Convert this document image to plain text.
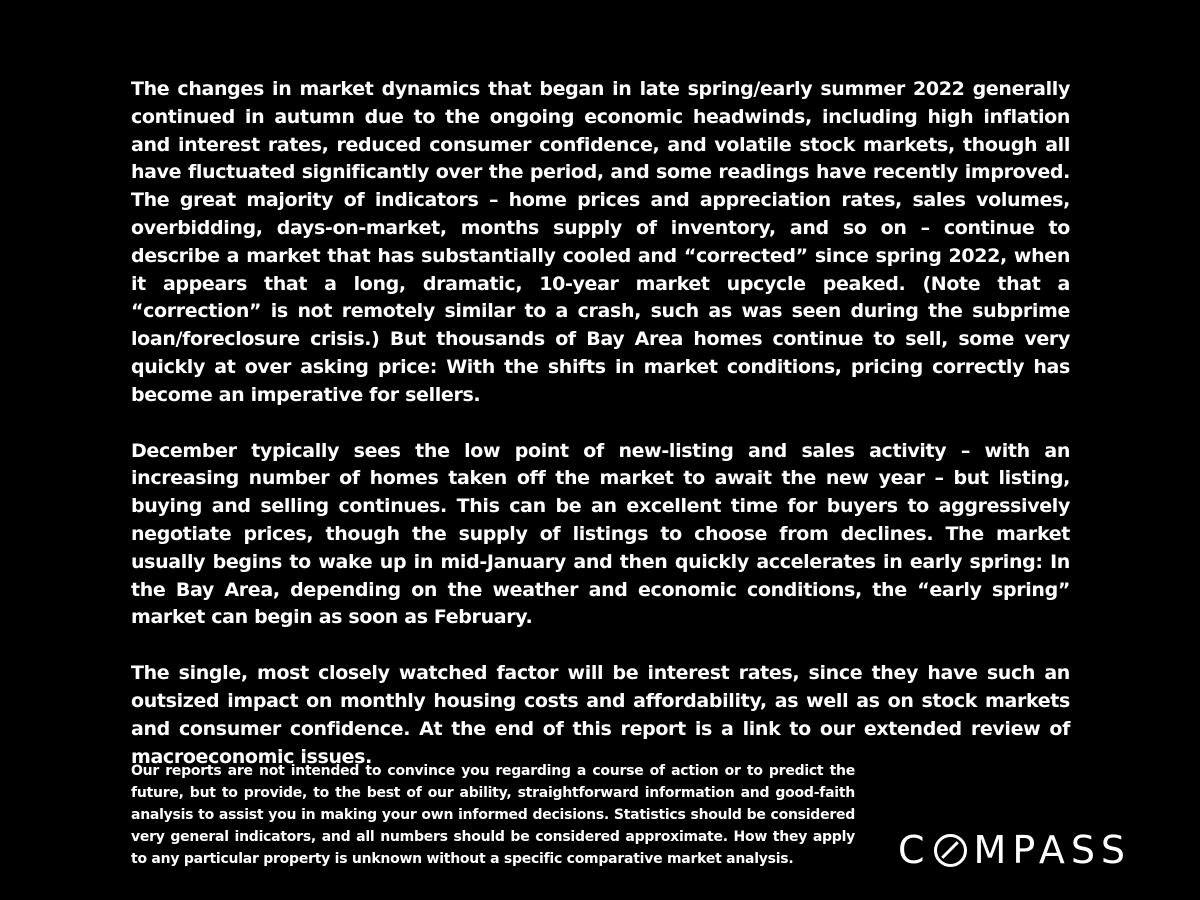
The changes in market dynamics that began in late spring/early summer 2022 generally continued in autumn due to the ongoing economic headwinds, including high inflation and interest rates, reduced consumer confidence, and volatile stock markets, though all have fluctuated significantly over the period, and some readings have recently improved. The great majority of indicators – home prices and appreciation rates, sales volumes, overbidding, days-on-market, months supply of inventory, and so on – continue to describe a market that has substantially cooled and “corrected” since spring 2022, when it appears that a long, dramatic, 10-year market upcycle peaked. (Note that a “correction” is not remotely similar to a crash, such as was seen during the subprime loan/foreclosure crisis.) But thousands of Bay Area homes continue to sell, some very quickly at over asking price: With the shifts in market conditions, pricing correctly has become an imperative for sellers.

December typically sees the low point of new-listing and sales activity – with an increasing number of homes taken off the market to await the new year – but listing, buying and selling continues. This can be an excellent time for buyers to aggressively negotiate prices, though the supply of listings to choose from declines. The market usually begins to wake up in mid-January and then quickly accelerates in early spring: In the Bay Area, depending on the weather and economic conditions, the “early spring” market can begin as soon as February.

The single, most closely watched factor will be interest rates, since they have such an outsized impact on monthly housing costs and affordability, as well as on stock markets and consumer confidence. At the end of this report is a link to our extended review of macroeconomic issues.

Our reports are not intended to convince you regarding a course of action or to predict the future, but to provide, to the best of our ability, straightforward information and good-faith analysis to assist you in making your own informed decisions. Statistics should be considered very general indicators, and all numbers should be considered approximate. How they apply to any particular property is unknown without a specific comparative market analysis.	C MPASS
